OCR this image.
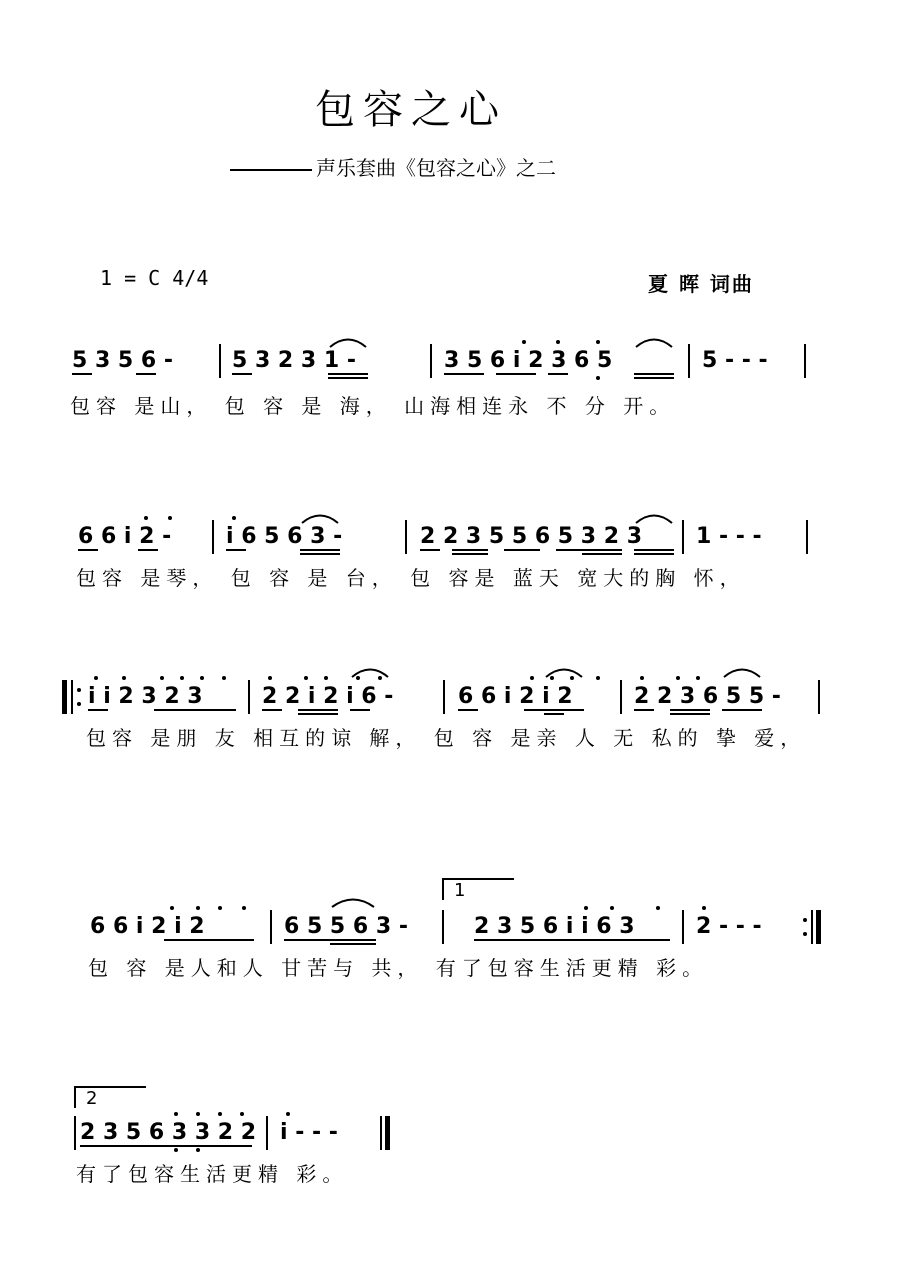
包容之心
声乐套曲《包容之心》之二
1 = C 4/4	夏 晖 词曲
5 3 5 6 -	5 3 2 3 1 -	3 5 6 i 2 3 6 5	5 - - -
包容 是山， 包 容 是 海， 山海相连永 不 分 开。
6 6 i 2 - i 6 5 6 3 -	2 2 3 5 5 6 5 3 2 3 1 - - -
包容 是琴， 包 容 是 台， 包 容是 蓝天 宽大的胸 怀，
i i 2 3 2 3	2 2 i 2 i 6 -	6 6 i 2 i 2	2 2 3 6 5 5 -
包容 是朋 友 相互的谅 解， 包 容 是亲 人 无 私的 挚 爱，
1
6 6 i 2 i 2	6 5 5 6 3 -	2 3 5 6 i i 6 3	2 - - -
包 容 是人和人 甘苦与 共， 有了包容生活更精 彩。
2
2 3 5 6 3 3 2 2 i - - -
有了包容生活更精 彩。
